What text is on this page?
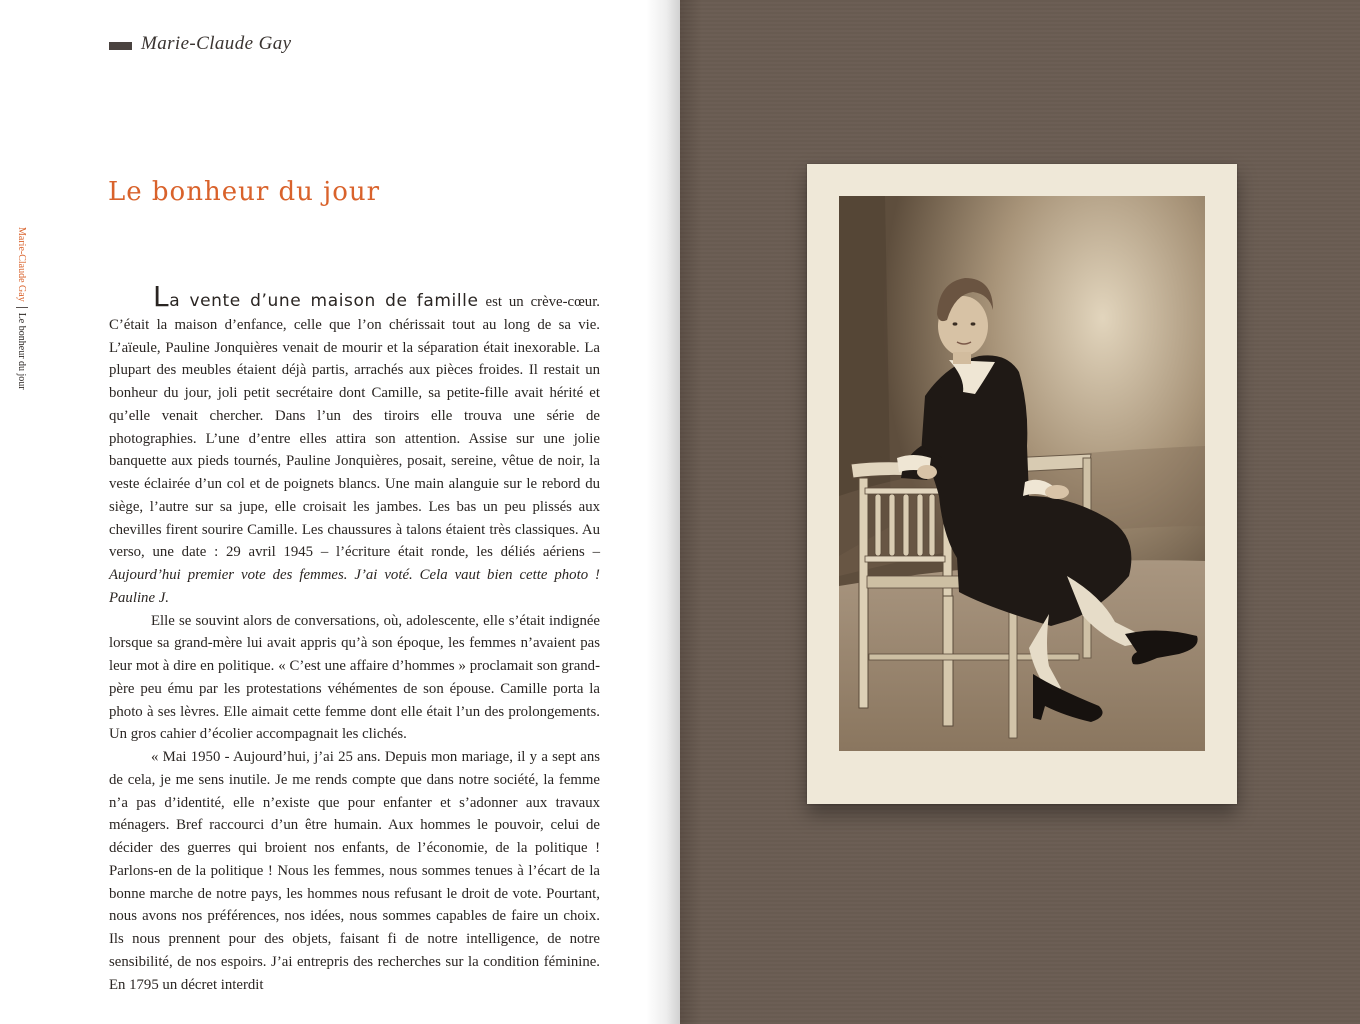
Marie-Claude Gay
Le bonheur du jour
Marie-Claude Gay
Le bonheur du jour

La vente d’une maison de famille est un crève-cœur. C’était la maison d’enfance, celle que l’on chérissait tout au long de sa vie. L’aïeule, Pauline Jonquières venait de mourir et la séparation était inexorable. La plupart des meubles étaient déjà partis, arrachés aux pièces froides. Il restait un bonheur du jour, joli petit secrétaire dont Camille, sa petite-fille avait hérité et qu’elle venait chercher. Dans l’un des tiroirs elle trouva une série de photographies. L’une d’entre elles attira son attention. Assise sur une jolie banquette aux pieds tournés, Pauline Jonquières, posait, sereine, vêtue de noir, la veste éclairée d’un col et de poignets blancs. Une main alanguie sur le rebord du siège, l’autre sur sa jupe, elle croisait les jambes. Les bas un peu plissés aux chevilles firent sourire Camille. Les chaussures à talons étaient très classiques. Au verso, une date : 29 avril 1945 – l’écriture était ronde, les déliés aériens – Aujourd’hui premier vote des femmes. J’ai voté. Cela vaut bien cette photo ! Pauline J.

Elle se souvint alors de conversations, où, adolescente, elle s’était indignée lorsque sa grand-mère lui avait appris qu’à son époque, les femmes n’avaient pas leur mot à dire en politique. « C’est une affaire d’hommes » proclamait son grand-père peu ému par les protestations véhémentes de son épouse. Camille porta la photo à ses lèvres. Elle aimait cette femme dont elle était l’un des prolongements. Un gros cahier d’écolier accompagnait les clichés.

« Mai 1950 - Aujourd’hui, j’ai 25 ans. Depuis mon mariage, il y a sept ans de cela, je me sens inutile. Je me rends compte que dans notre société, la femme n’a pas d’identité, elle n’existe que pour enfanter et s’adonner aux travaux ménagers. Bref raccourci d’un être humain. Aux hommes le pouvoir, celui de décider des guerres qui broient nos enfants, de l’économie, de la politique ! Parlons-en de la politique ! Nous les femmes, nous sommes tenues à l’écart de la bonne marche de notre pays, les hommes nous refusant le droit de vote. Pourtant, nous avons nos préférences, nos idées, nous sommes capables de faire un choix. Ils nous prennent pour des objets, faisant fi de notre intelligence, de notre sensibilité, de nos espoirs. J’ai entrepris des recherches sur la condition féminine. En 1795 un décret interdit
